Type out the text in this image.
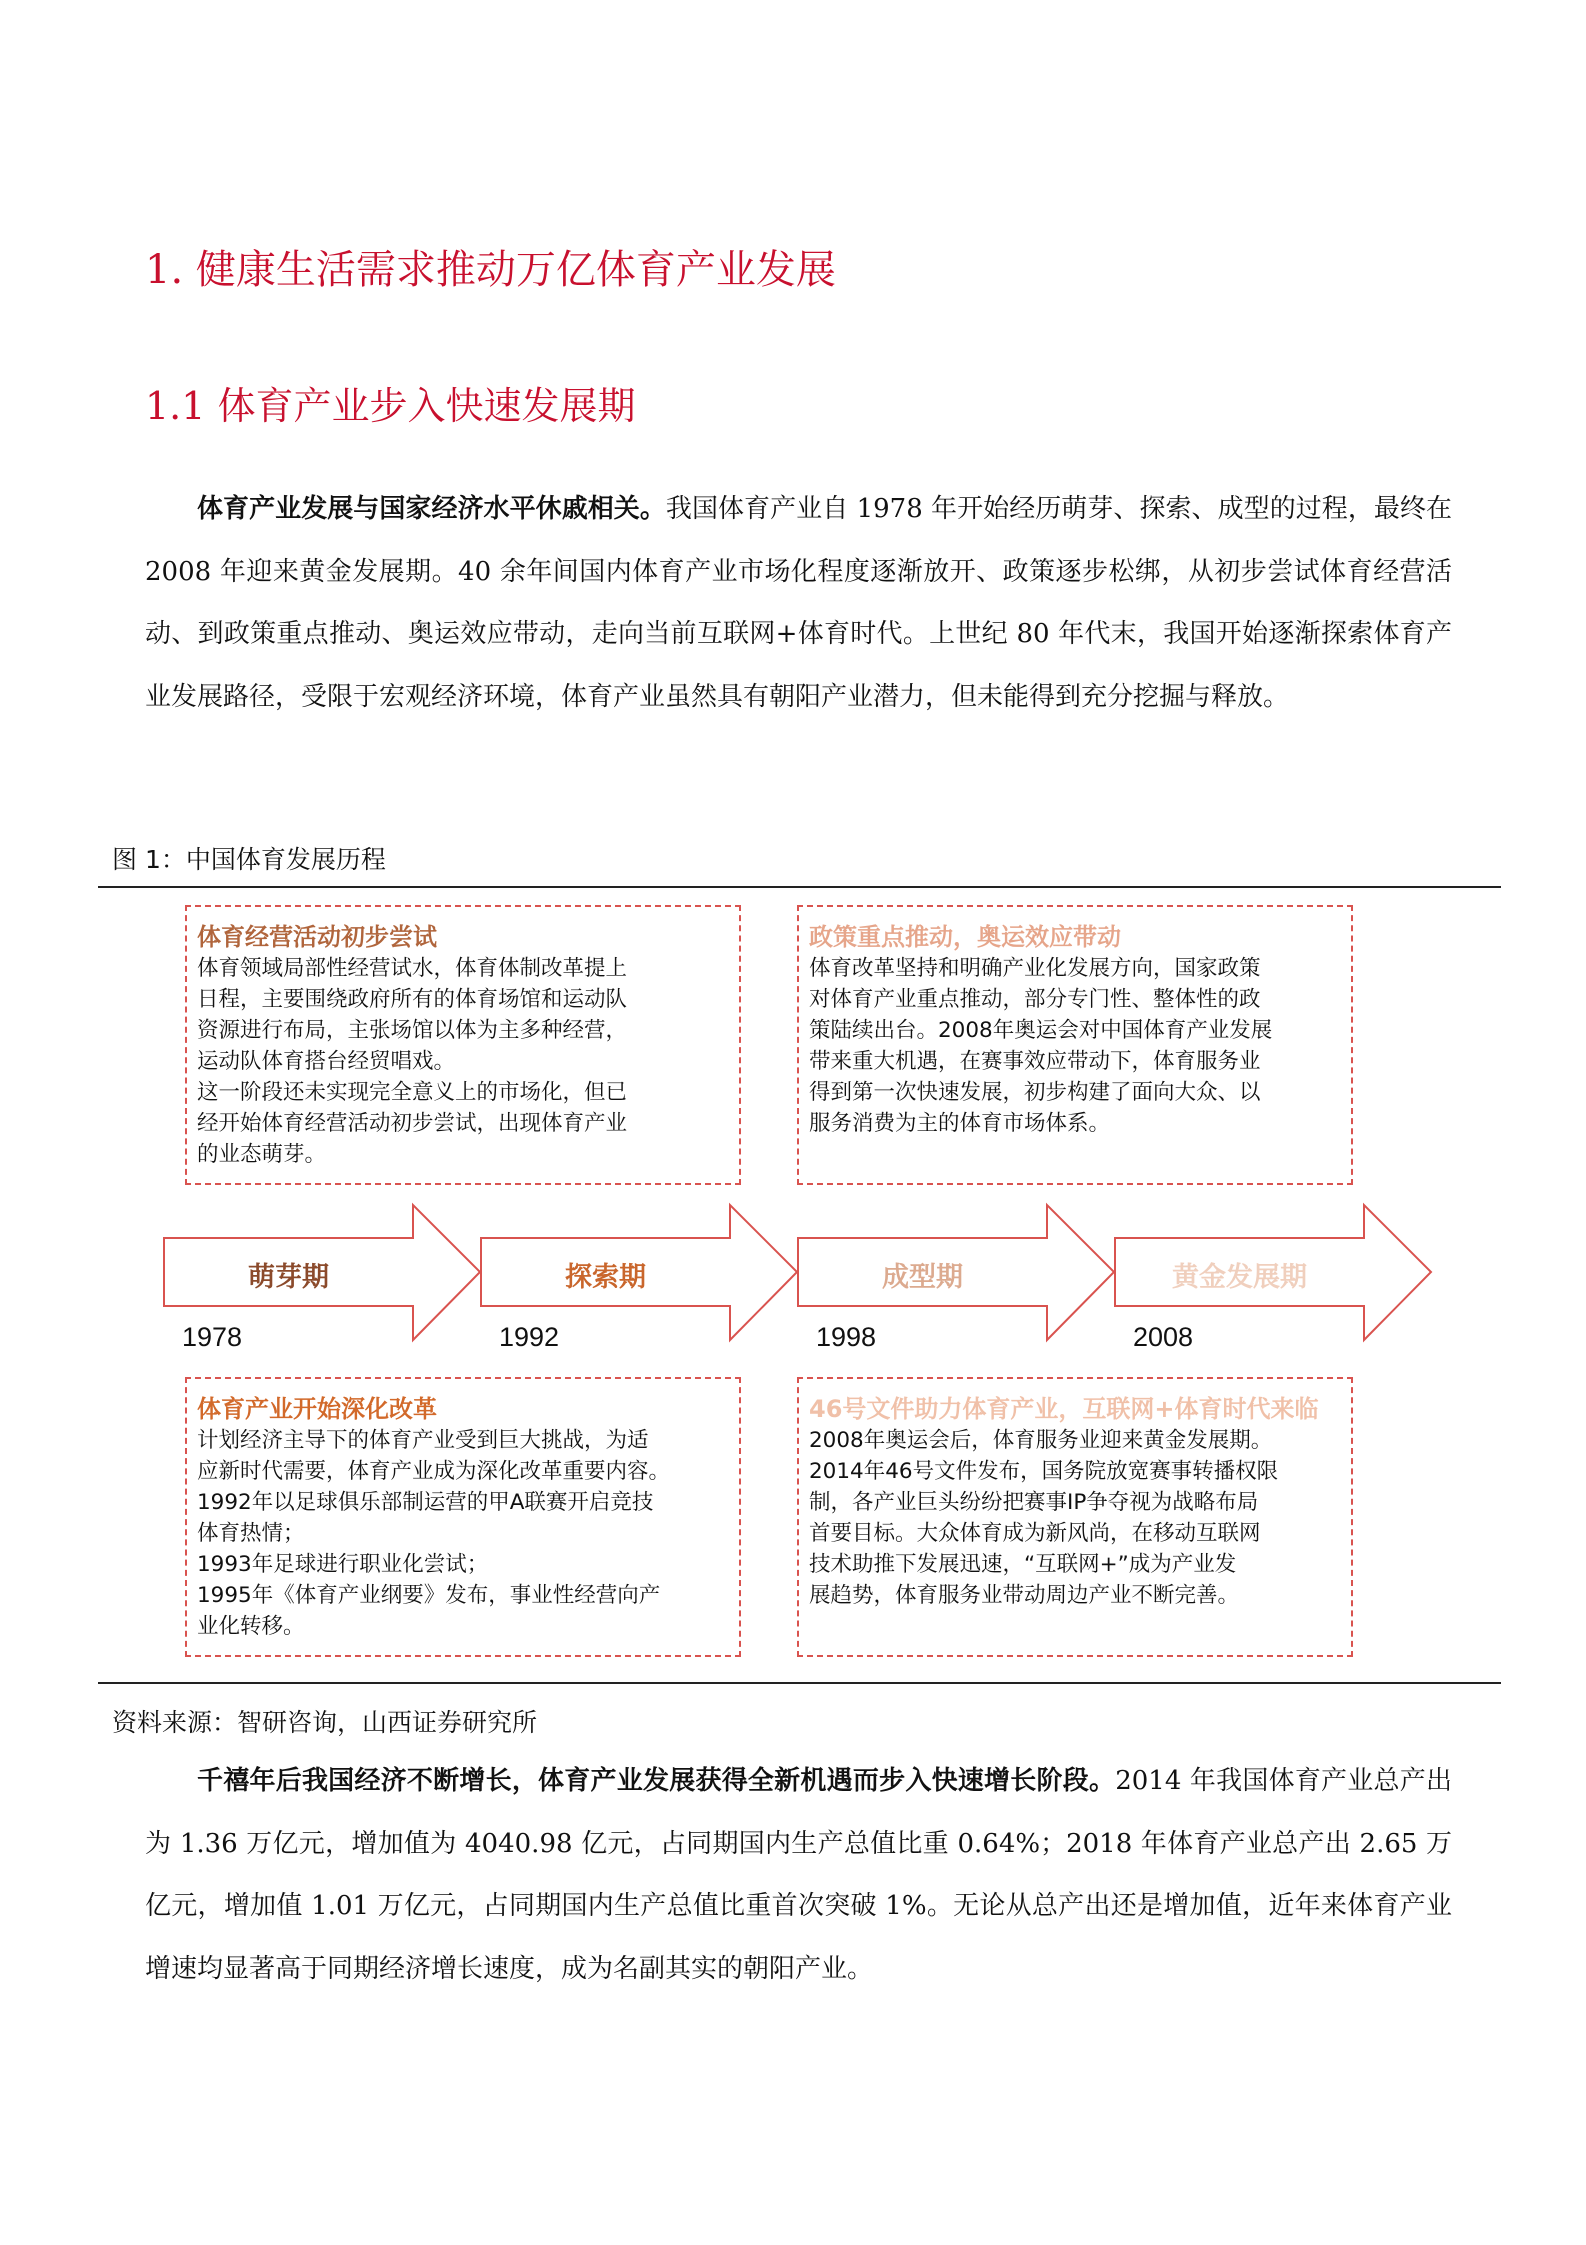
1. 健康生活需求推动万亿体育产业发展
1.1 体育产业步入快速发展期
体育产业发展与国家经济水平休戚相关。我国体育产业自 1978 年开始经历萌芽、探索、成型的过程，最终在 2008 年迎来黄金发展期。40 余年间国内体育产业市场化程度逐渐放开、政策逐步松绑，从初步尝试体育经营活动、到政策重点推动、奥运效应带动，走向当前互联网+体育时代。上世纪 80 年代末，我国开始逐渐探索体育产业发展路径，受限于宏观经济环境，体育产业虽然具有朝阳产业潜力，但未能得到充分挖掘与释放。
图 1：中国体育发展历程
体育经营活动初步尝试
体育领域局部性经营试水，体育体制改革提上
日程，主要围绕政府所有的体育场馆和运动队
资源进行布局，主张场馆以体为主多种经营，
运动队体育搭台经贸唱戏。
这一阶段还未实现完全意义上的市场化，但已
经开始体育经营活动初步尝试，出现体育产业
的业态萌芽。
政策重点推动，奥运效应带动
体育改革坚持和明确产业化发展方向，国家政策
对体育产业重点推动，部分专门性、整体性的政
策陆续出台。2008年奥运会对中国体育产业发展
带来重大机遇，在赛事效应带动下，体育服务业
得到第一次快速发展，初步构建了面向大众、以
服务消费为主的体育市场体系。
体育产业开始深化改革
计划经济主导下的体育产业受到巨大挑战，为适
应新时代需要，体育产业成为深化改革重要内容。
1992年以足球俱乐部制运营的甲A联赛开启竞技
体育热情；
1993年足球进行职业化尝试；
1995年《体育产业纲要》发布，事业性经营向产
业化转移。
46号文件助力体育产业，互联网+体育时代来临
2008年奥运会后，体育服务业迎来黄金发展期。
2014年46号文件发布，国务院放宽赛事转播权限
制，各产业巨头纷纷把赛事IP争夺视为战略布局
首要目标。大众体育成为新风尚，在移动互联网
技术助推下发展迅速，“互联网+”成为产业发
展趋势，体育服务业带动周边产业不断完善。
资料来源：智研咨询，山西证券研究所
千禧年后我国经济不断增长，体育产业发展获得全新机遇而步入快速增长阶段。2014 年我国体育产业总产出为 1.36 万亿元，增加值为 4040.98 亿元，占同期国内生产总值比重 0.64%；2018 年体育产业总产出 2.65 万亿元，增加值 1.01 万亿元，占同期国内生产总值比重首次突破 1%。无论从总产出还是增加值，近年来体育产业增速均显著高于同期经济增长速度，成为名副其实的朝阳产业。
萌芽期
1978
探索期
1992
成型期
1998
黄金发展期
2008
